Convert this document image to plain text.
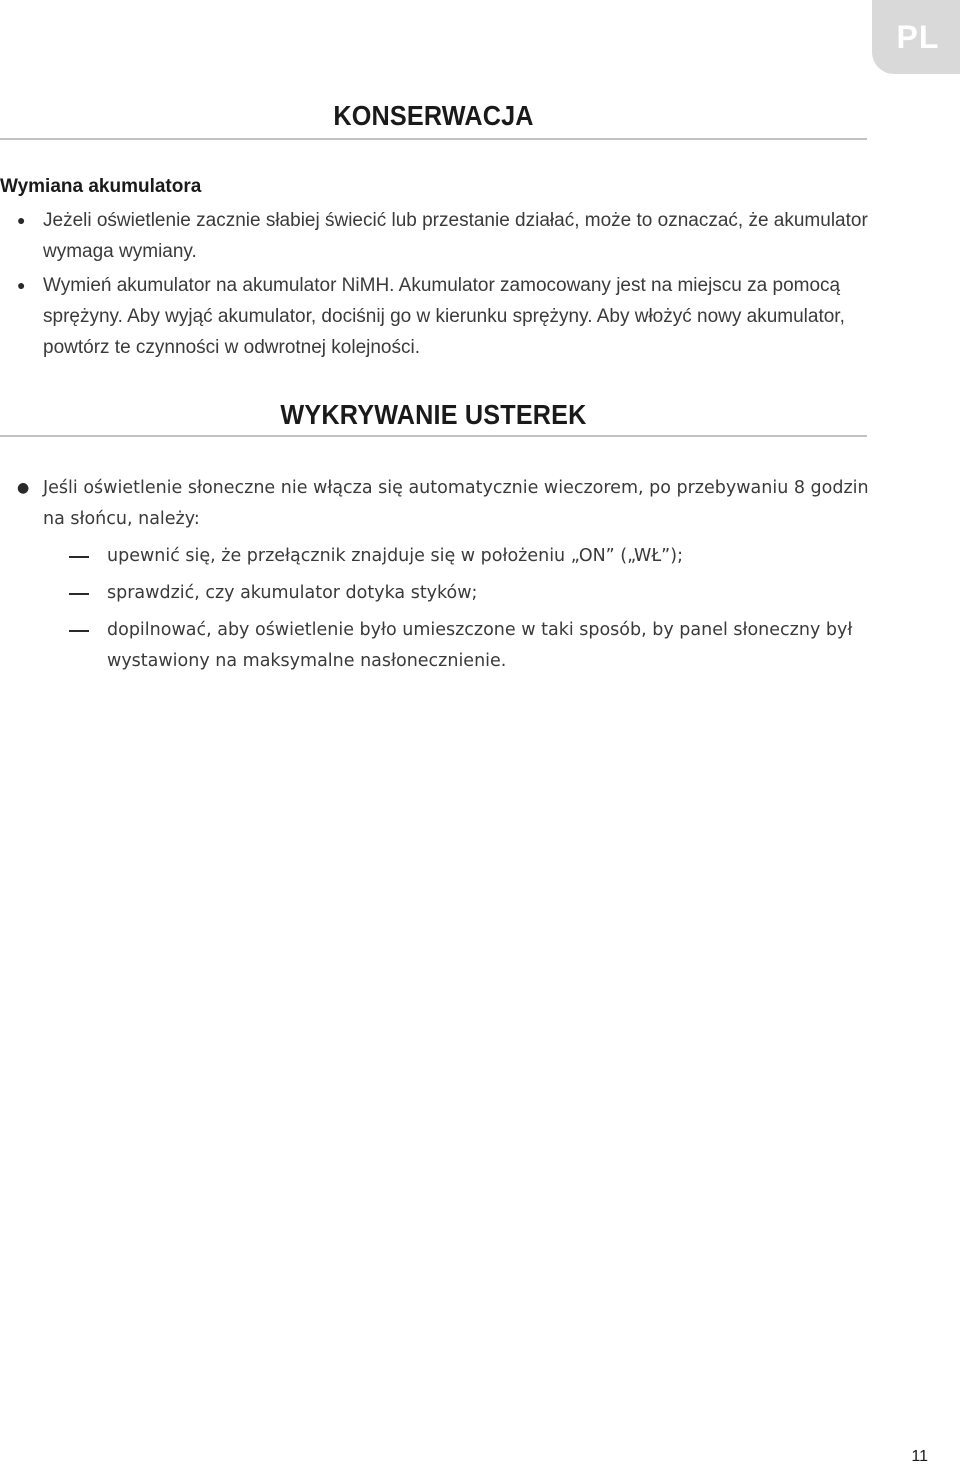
PL
KONSERWACJA
Wymiana akumulatora
● Jeżeli oświetlenie zacznie słabiej świecić lub przestanie działać, może to oznaczać, że akumulator wymaga wymiany.
● Wymień akumulator na akumulator NiMH. Akumulator zamocowany jest na miejscu za pomocą sprężyny. Aby wyjąć akumulator, dociśnij go w kierunku sprężyny. Aby włożyć nowy akumulator, powtórz te czynności w odwrotnej kolejności.
WYKRYWANIE USTEREK
● Jeśli oświetlenie słoneczne nie włącza się automatycznie wieczorem, po przebywaniu 8 godzin na słońcu, należy:
upewnić się, że przełącznik znajduje się w położeniu „ON” („WŁ”);
sprawdzić, czy akumulator dotyka styków;
dopilnować, aby oświetlenie było umieszczone w taki sposób, by panel słoneczny był wystawiony na maksymalne nasłonecznienie.
11
